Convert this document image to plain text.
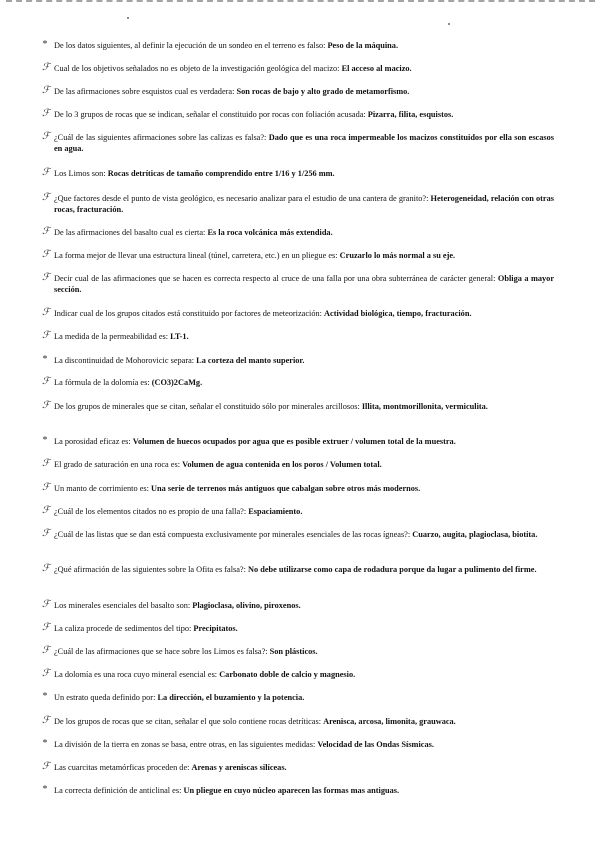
* De los datos siguientes, al definir la ejecución de un sondeo en el terreno es falso: Peso de la máquina.

ℱ Cual de los objetivos señalados no es objeto de la investigación geológica del macizo: El acceso al macizo.

ℱ De las afirmaciones sobre esquistos cual es verdadera: Son rocas de bajo y alto grado de metamorfismo.

ℱ De lo 3 grupos de rocas que se indican, señalar el constituido por rocas con foliación acusada: Pizarra, filita, esquistos.

ℱ ¿Cuál de las siguientes afirmaciones sobre las calizas es falsa?: Dado que es una roca impermeable los macizos constituidos por ella son escasos en agua.

ℱ Los Limos son: Rocas detríticas de tamaño comprendido entre 1/16 y 1/256 mm.

ℱ ¿Que factores desde el punto de vista geológico, es necesario analizar para el estudio de una cantera de granito?: Heterogeneidad, relación con otras rocas, fracturación.

ℱ De las afirmaciones del basalto cual es cierta: Es la roca volcánica más extendida.

ℱ La forma mejor de llevar una estructura lineal (túnel, carretera, etc.) en un pliegue es: Cruzarlo lo más normal a su eje.

ℱ Decir cual de las afirmaciones que se hacen es correcta respecto al cruce de una falla por una obra subterránea de carácter general: Obliga a mayor sección.

ℱ Indicar cual de los grupos citados está constituido por factores de meteorización: Actividad biológica, tiempo, fracturación.

ℱ La medida de la permeabilidad es: LT-1.

* La discontinuidad de Mohorovicic separa: La corteza del manto superior.

ℱ La fórmula de la dolomía es: (CO3)2CaMg.

ℱ De los grupos de minerales que se citan, señalar el constituido sólo por minerales arcillosos: Illita, montmorillonita, vermiculita.

* La porosidad eficaz es: Volumen de huecos ocupados por agua que es posible extruer / volumen total de la muestra.

ℱ El grado de saturación en una roca es: Volumen de agua contenida en los poros / Volumen total.

ℱ Un manto de corrimiento es: Una serie de terrenos más antiguos que cabalgan sobre otros más modernos.

ℱ ¿Cuál de los elementos citados no es propio de una falla?: Espaciamiento.

ℱ ¿Cuál de las listas que se dan está compuesta exclusivamente por minerales esenciales de las rocas ígneas?: Cuarzo, augita, plagioclasa, biotita.

ℱ ¿Qué afirmación de las siguientes sobre la Ofita es falsa?: No debe utilizarse como capa de rodadura porque da lugar a pulimento del firme.

ℱ Los minerales esenciales del basalto son: Plagioclasa, olivino, piroxenos.

ℱ La caliza procede de sedimentos del tipo: Precipitatos.

ℱ ¿Cuál de las afirmaciones que se hace sobre los Limos es falsa?: Son plásticos.

ℱ La dolomía es una roca cuyo mineral esencial es: Carbonato doble de calcio y magnesio.

* Un estrato queda definido por: La dirección, el buzamiento y la potencia.

ℱ De los grupos de rocas que se citan, señalar el que solo contiene rocas detríticas: Arenisca, arcosa, limonita, grauwaca.

* La división de la tierra en zonas se basa, entre otras, en las siguientes medidas: Velocidad de las Ondas Sísmicas.

ℱ Las cuarcitas metamórficas proceden de: Arenas y areniscas silíceas.

* La correcta definición de anticlinal es: Un pliegue en cuyo núcleo aparecen las formas mas antiguas.
